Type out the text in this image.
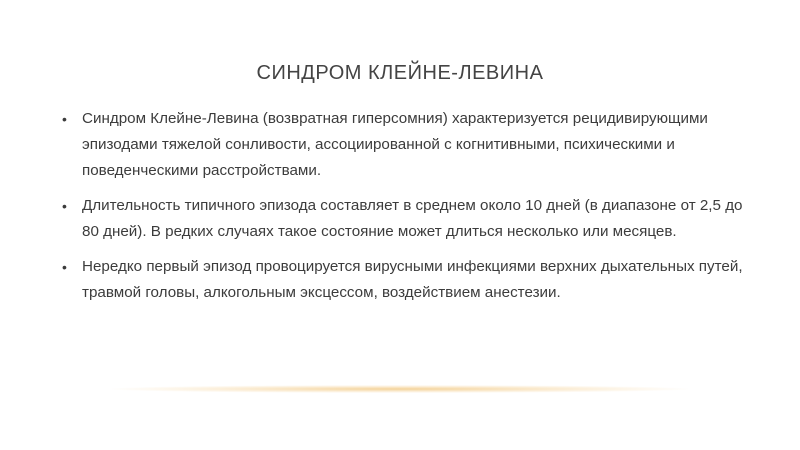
СИНДРОМ КЛЕЙНЕ-ЛЕВИНА
• Синдром Клейне-Левина (возвратная гиперсомния) характеризуется рецидивирующими эпизодами тяжелой сонливости, ассоциированной с когнитивными, психическими и поведенческими расстройствами.
• Длительность типичного эпизода составляет в среднем около 10 дней (в диапазоне от 2,5 до 80 дней). В редких случаях такое состояние может длиться несколько или месяцев.
• Нередко первый эпизод провоцируется вирусными инфекциями верхних дыхательных путей, травмой головы, алкогольным эксцессом, воздействием анестезии.
